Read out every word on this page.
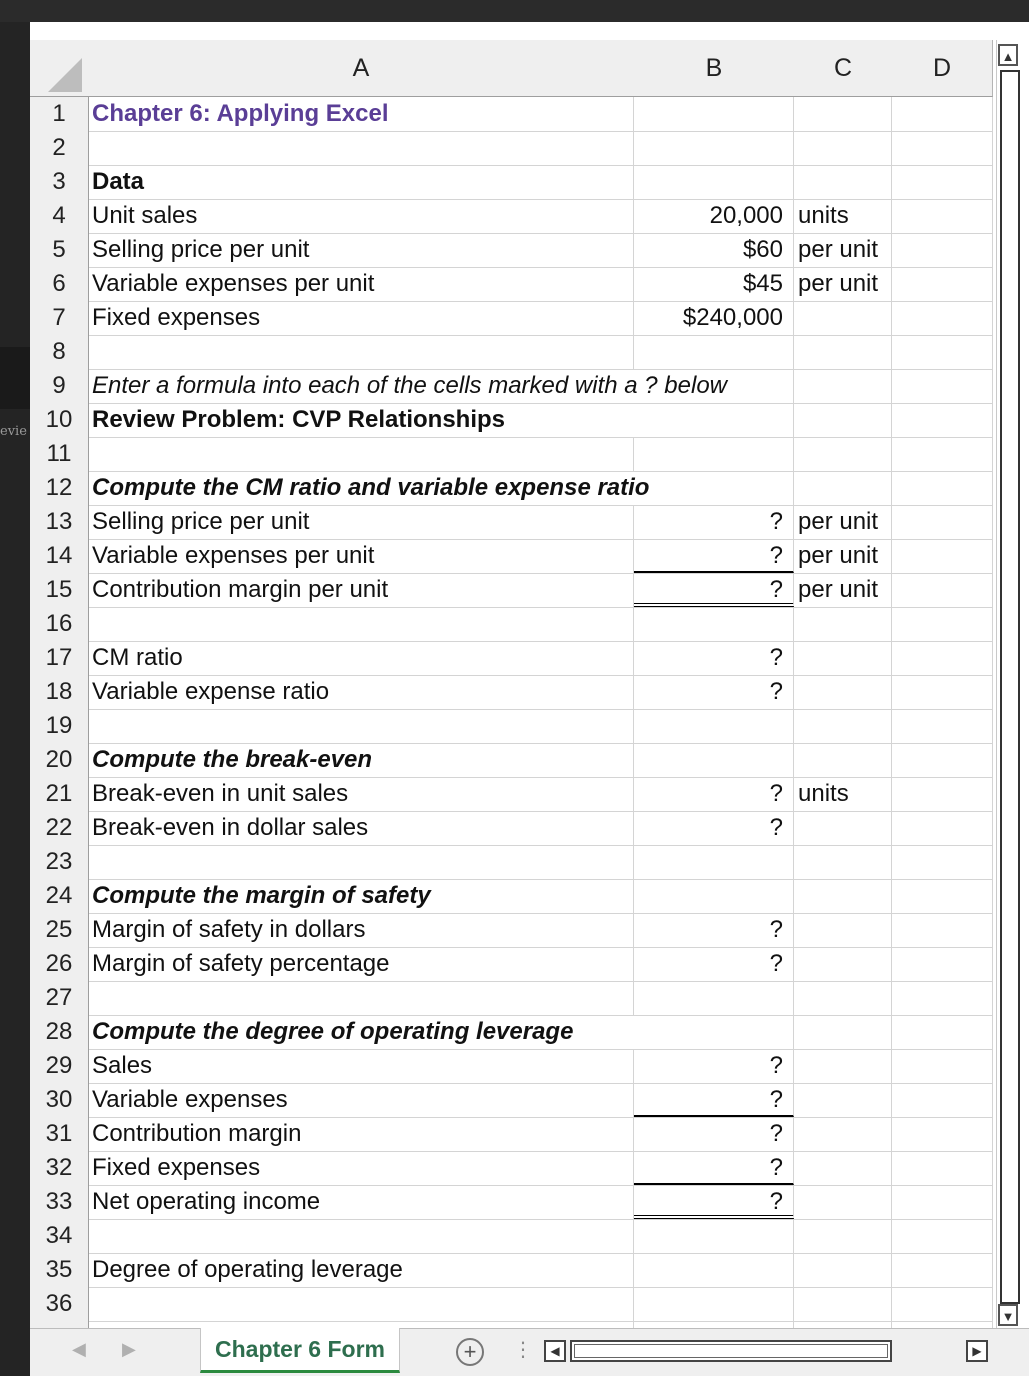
evie
A	B	C	D
1	Chapter 6: Applying Excel
2
3	Data
4	Unit sales	20,000 units
5	Selling price per unit	$60 per unit
6	Variable expenses per unit	$45 per unit
7	Fixed expenses	$240,000
8
9	Enter a formula into each of the cells marked with a ? below
10 Review Problem: CVP Relationships
11
12 Compute the CM ratio and variable expense ratio
13 Selling price per unit	? per unit
14 Variable expenses per unit	? per unit
15 Contribution margin per unit	? per unit
16
17 CM ratio	?
18 Variable expense ratio	?
19
20 Compute the break-even
21 Break-even in unit sales	? units
22 Break-even in dollar sales	?
23
24 Compute the margin of safety
25 Margin of safety in dollars	?
26 Margin of safety percentage	?
27
28 Compute the degree of operating leverage
29 Sales	?
30 Variable expenses	?
31 Contribution margin	?
32 Fixed expenses	?
33 Net operating income	?
34
35 Degree of operating leverage
36
▲
▼
◀ ▶	Chapter 6 Form	+	⋮	◀	▶
